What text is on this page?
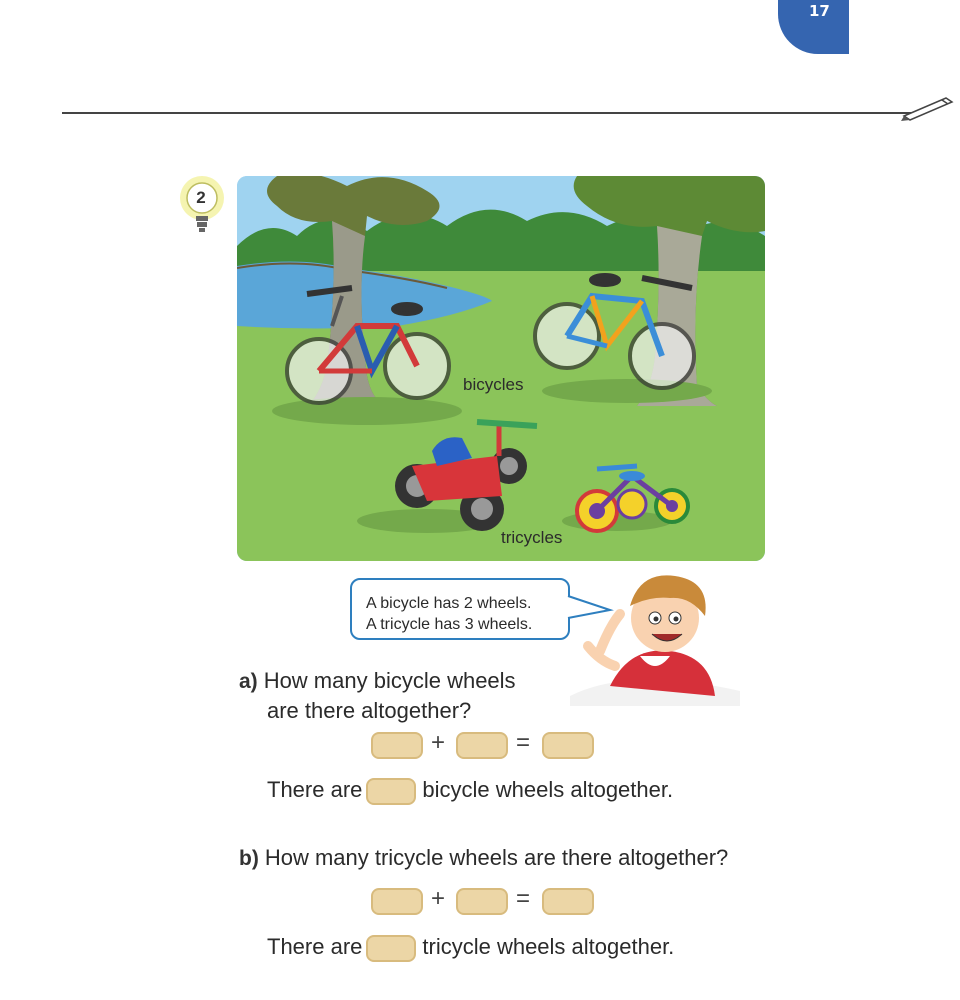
17
2
bicycles
tricycles
A bicycle has 2 wheels.
A tricycle has 3 wheels.
a) How many bicycle wheels
are there altogether?
+	=
There are	bicycle wheels altogether.
b) How many tricycle wheels are there altogether?
+	=
There are	tricycle wheels altogether.
